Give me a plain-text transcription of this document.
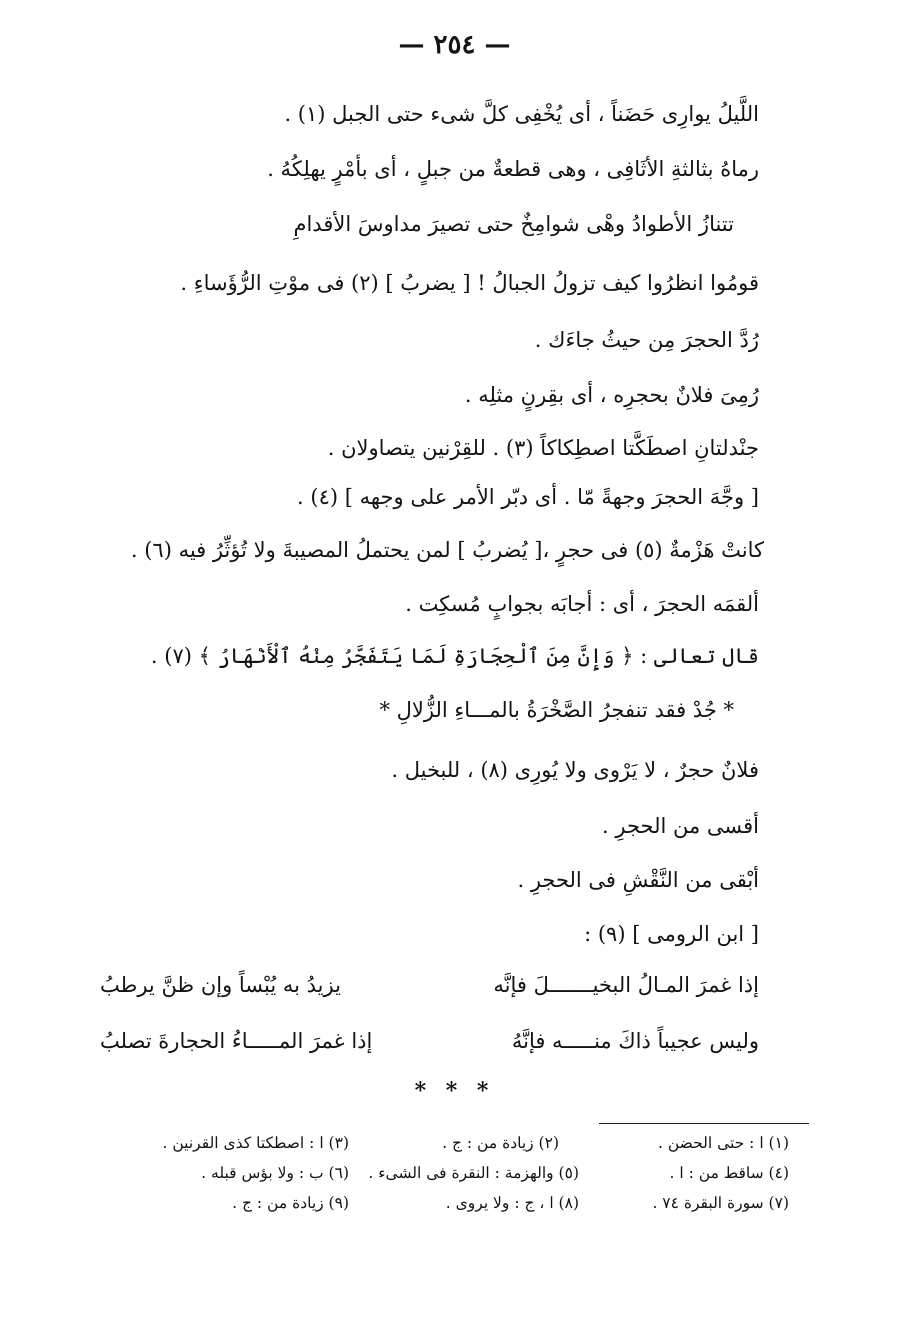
— ٢٥٤ —
اللَّيلُ يوارِى حَضَناً ، أى يُخْفِى كلَّ شىء حتى الجبل (١) .
رماهُ بثالثةِ الأثَافِى ، وهى قطعةٌ من جبلٍ ، أى بأمْرٍ يهلِكُهُ .
تتنازُ الأطوادُ وهْى شوامِخٌ حتى تصيرَ مداوسَ الأقدامِ
قومُوا انظرُوا كيف تزولُ الجبالُ ! [ يضربُ ] (٢) فى موْتِ الرُّؤَساءِ .
رُدَّ الحجرَ مِن حيثُ جاءَك .
رُمِىَ فلانٌ بحجرِه ، أى بقِرنٍ مثلِه .
جنْدلتانِ اصطَكَّتا اصطِكاكاً (٣) . للقِرْنين يتصاولان .
[ وجَّهَ الحجرَ وجهةً مّا . أى دبّر الأمر على وجهه ] (٤) .
كانتْ هَزْمةٌ (٥) فى حجرٍ ،[ يُضربُ ] لمن يحتملُ المصيبةَ ولا تُؤثِّرُ فيه (٦) .
ألقمَه الحجرَ ، أى : أجابَه بجوابٍ مُسكِت .
قال تعالى : ﴿ وَإِنَّ مِنَ ٱلْحِجَارَةِ لَمَا يَتَفَجَّرُ مِنْهُ ٱلْأَنْهَارُ ﴾ (٧) .
* جُدْ فقد تنفجرُ الصَّخْرَةُ بالمـــاءِ الزُّلالِ *
فلانٌ حجرٌ ، لا يَرْوى ولا يُورِى (٨) ، للبخيل .
أقسى من الحجرِ .
أبْقى من النَّقْشِ فى الحجرِ .
[ ابن الرومى ] (٩) :
إذا غمرَ المـالُ البخيـــــــلَ فإنَّه
يزيدُ به يُبْساً وإن ظنَّ يرطبُ
وليس عجيباً ذاكَ منـــــه فإنَّهُ
إذا غمرَ المـــــاءُ الحجارةَ تصلبُ
* * *
(١) ا : حتى الحضن .
(٢) زيادة من : ج .
(٣) ا : اصطكتا كذى القرنين .
(٤) ساقط من : ا .
(٥) والهزمة : النقرة فى الشىء .
(٦) ب : ولا بؤس قبله .
(٧) سورة البقرة ٧٤ .
(٨) ا ، ج : ولا يروى .
(٩) زيادة من : ج .
